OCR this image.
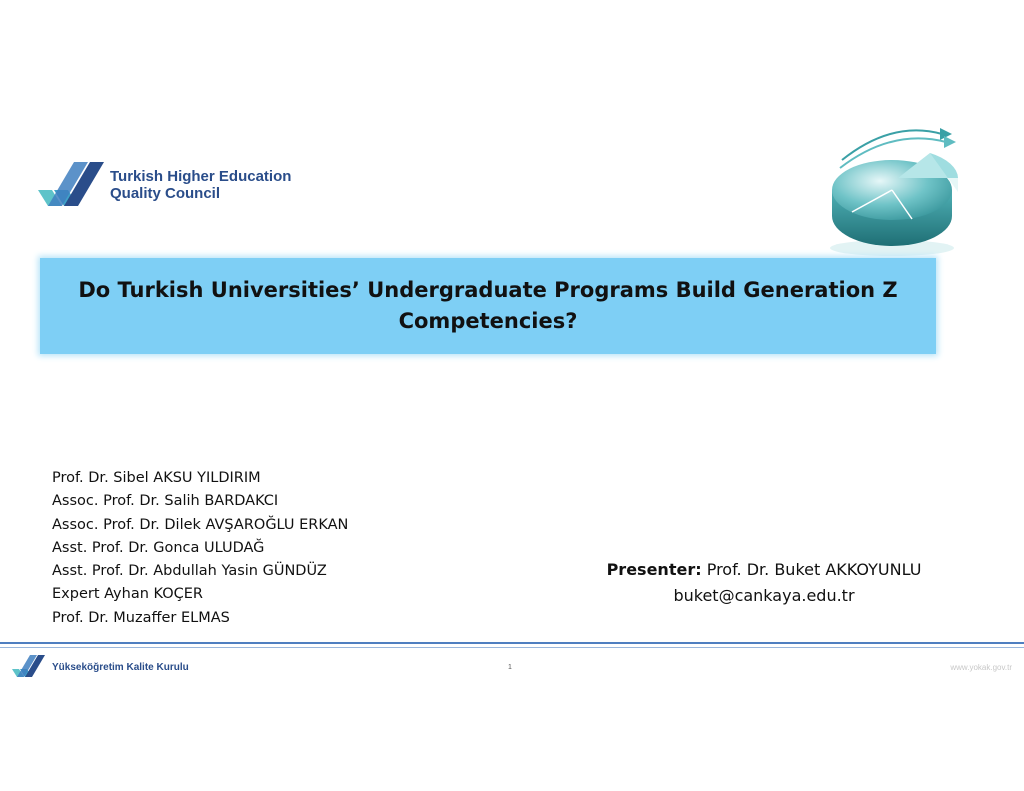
Turkish Higher Education
Quality Council
Do Turkish Universities’ Undergraduate Programs Build Generation Z
Competencies?
Prof. Dr. Sibel AKSU YILDIRIM
Assoc. Prof. Dr. Salih BARDAKCI
Assoc. Prof. Dr. Dilek AVŞAROĞLU ERKAN
Asst. Prof. Dr. Gonca ULUDAĞ
Asst. Prof. Dr. Abdullah Yasin GÜNDÜZ
Expert Ayhan KOÇER
Prof. Dr. Muzaffer ELMAS
Presenter: Prof. Dr. Buket AKKOYUNLU
buket@cankaya.edu.tr
Yükseköğretim Kalite Kurulu	1	www.yokak.gov.tr
